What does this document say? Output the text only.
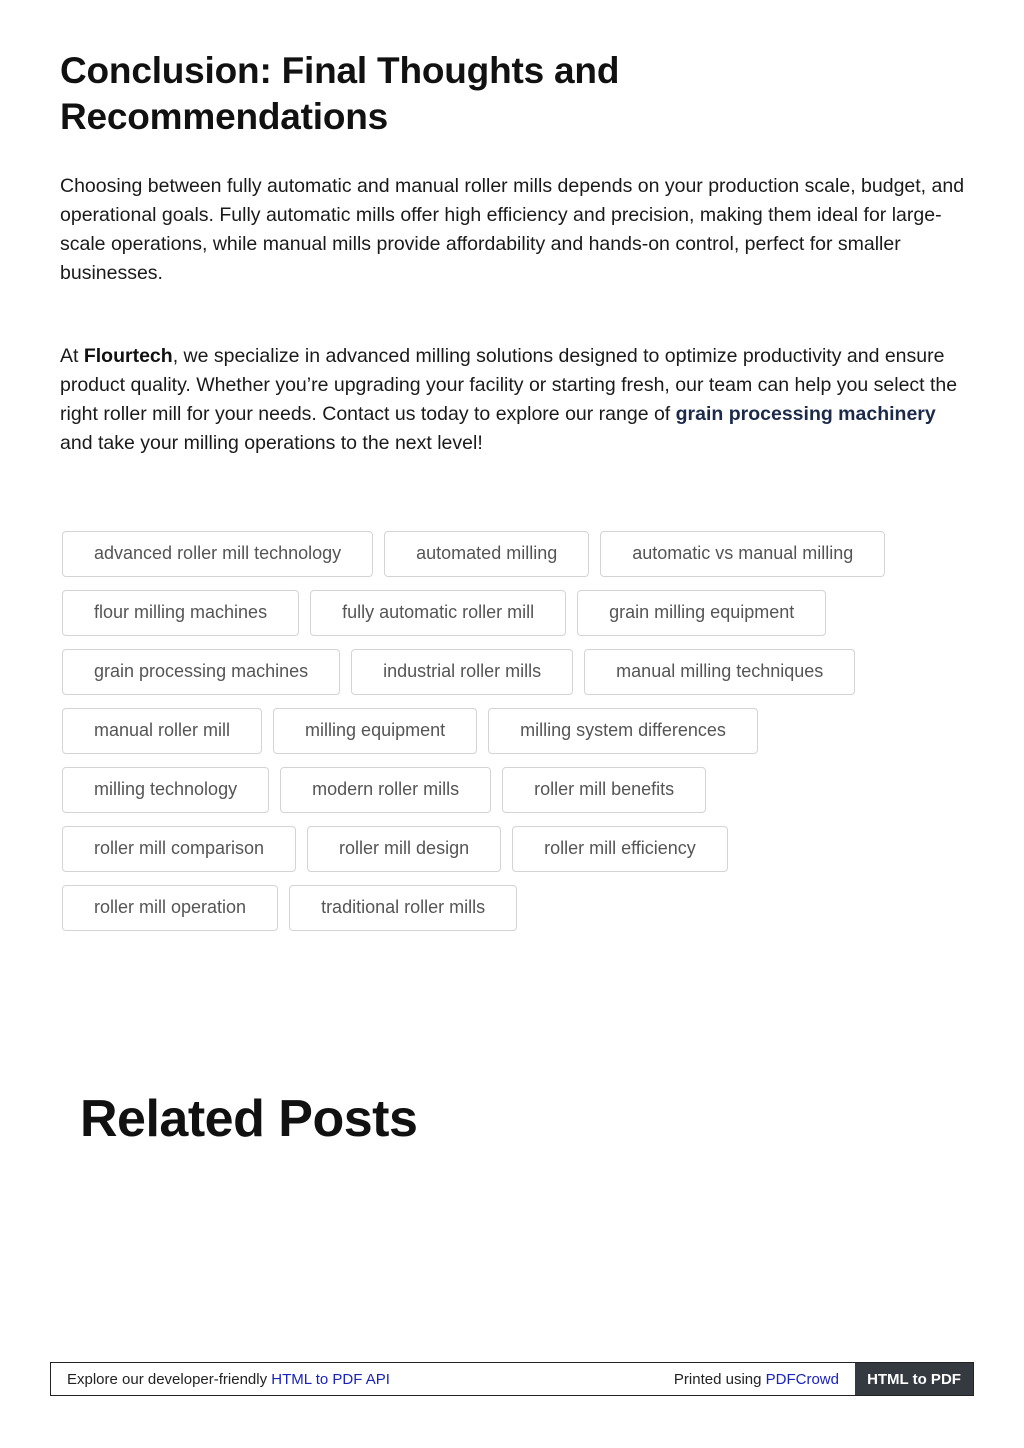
Conclusion: Final Thoughts and
Recommendations

Choosing between fully automatic and manual roller mills depends on your production scale, budget, and operational goals. Fully automatic mills offer high efficiency and precision, making them ideal for large-scale operations, while manual mills provide affordability and hands-on control, perfect for smaller businesses.

At Flourtech, we specialize in advanced milling solutions designed to optimize productivity and ensure product quality. Whether you’re upgrading your facility or starting fresh, our team can help you select the right roller mill for your needs. Contact us today to explore our range of grain processing machinery and take your milling operations to the next level!

advanced roller mill technology	automated milling	automatic vs manual milling
flour milling machines	fully automatic roller mill	grain milling equipment
grain processing machines	industrial roller mills	manual milling techniques
manual roller mill	milling equipment	milling system differences
milling technology	modern roller mills	roller mill benefits
roller mill comparison	roller mill design	roller mill efficiency
roller mill operation	traditional roller mills
Related Posts
Explore our developer-friendly HTML to PDF API	Printed using PDFCrowd	HTML to PDF
